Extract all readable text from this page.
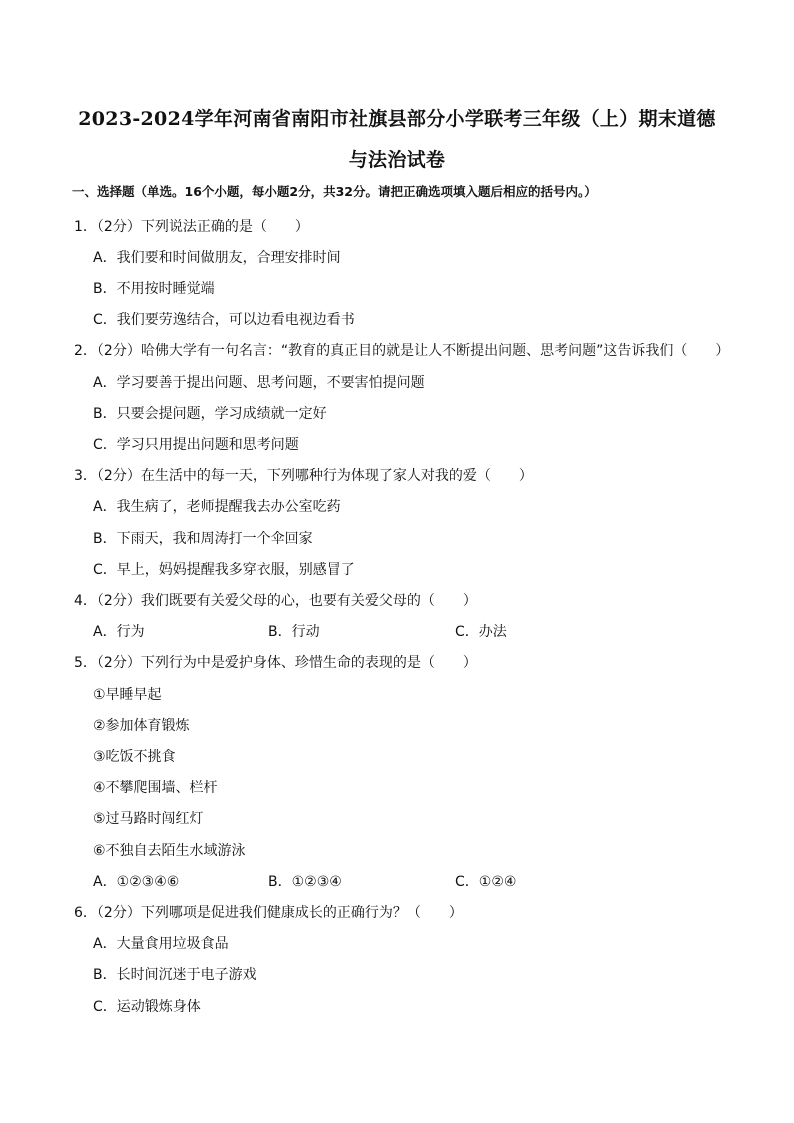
2023-2024学年河南省南阳市社旗县部分小学联考三年级（上）期末道德
与法治试卷
一、选择题（单选。16个小题，每小题2分，共32分。请把正确选项填入题后相应的括号内。）
1．（2分）下列说法正确的是（　　）
A．我们要和时间做朋友，合理安排时间
B．不用按时睡觉端
C．我们要劳逸结合，可以边看电视边看书
2．（2分）哈佛大学有一句名言：“教育的真正目的就是让人不断提出问题、思考问题”这告诉我们（　　）
A．学习要善于提出问题、思考问题，不要害怕提问题
B．只要会提问题，学习成绩就一定好
C．学习只用提出问题和思考问题
3．（2分）在生活中的每一天，下列哪种行为体现了家人对我的爱（　　）
A．我生病了，老师提醒我去办公室吃药
B．下雨天，我和周涛打一个伞回家
C．早上，妈妈提醒我多穿衣服，别感冒了
4．（2分）我们既要有关爱父母的心，也要有关爱父母的（　　）
A．行为	B．行动	C．办法
5．（2分）下列行为中是爱护身体、珍惜生命的表现的是（　　）
①早睡早起
②参加体育锻炼
③吃饭不挑食
④不攀爬围墙、栏杆
⑤过马路时闯红灯
⑥不独自去陌生水域游泳
A．①②③④⑥	B．①②③④	C．①②④
6．（2分）下列哪项是促进我们健康成长的正确行为？（　　）
A．大量食用垃圾食品
B．长时间沉迷于电子游戏
C．运动锻炼身体
